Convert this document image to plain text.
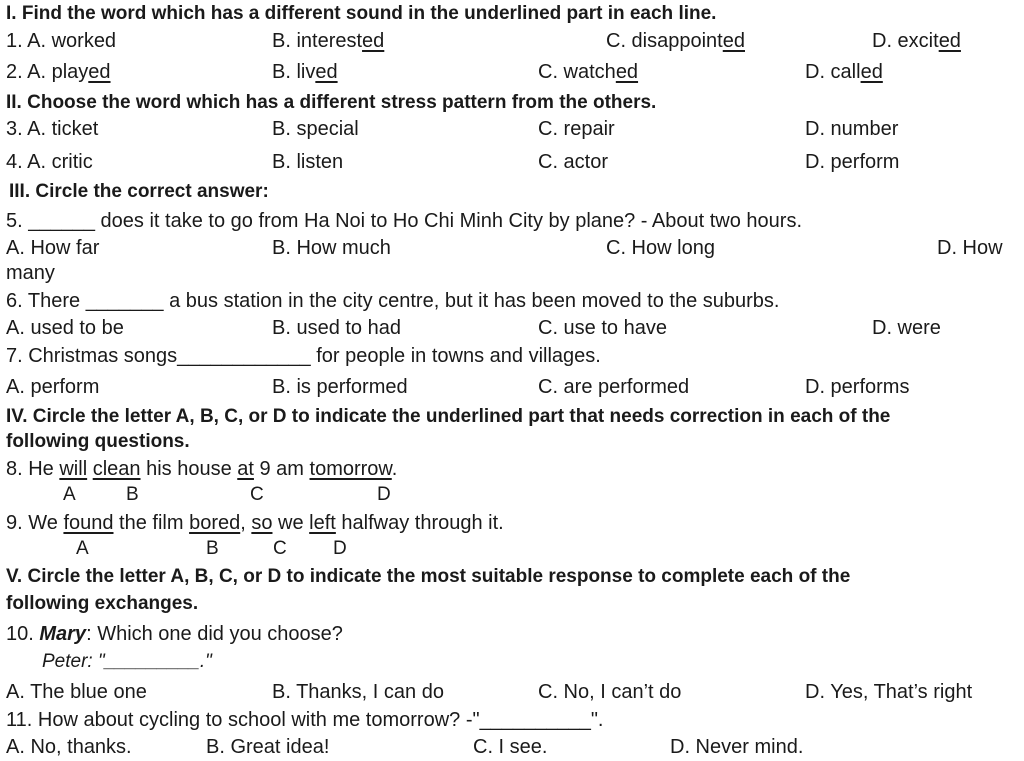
I. Find the word which has a different sound in the underlined part in each line.
1. A. worked	B. interested	C. disappointed	D. excited
2. A. played	B. lived	C. watched	D. called
II. Choose the word which has a different stress pattern from the others.
3. A. ticket	B. special	C. repair	D. number
4. A. critic	B. listen	C. actor	D. perform
III. Circle the correct answer:
5. ______ does it take to go from Ha Noi to Ho Chi Minh City by plane? - About two hours.
A. How far	B. How much	C. How long	D. How
many
6. There _______ a bus station in the city centre, but it has been moved to the suburbs.
A. used to be	B. used to had	C. use to have	D. were
7. Christmas songs____________ for people in towns and villages.
A. perform	B. is performed	C. are performed	D. performs
IV. Circle the letter A, B, C, or D to indicate the underlined part that needs correction in each of the
following questions.
8. He will clean his house at 9 am tomorrow.
A	B	C	D
9. We found the film bored, so we left halfway through it.
A	B	C D
V. Circle the letter A, B, C, or D to indicate the most suitable response to complete each of the
following exchanges.
10. Mary: Which one did you choose?
Peter: "_________."
A. The blue one	B. Thanks, I can do	C. No, I can’t do	D. Yes, That’s right
11. How about cycling to school with me tomorrow? -"__________".
A. No, thanks.	B. Great idea!	C. I see.	D. Never mind.
